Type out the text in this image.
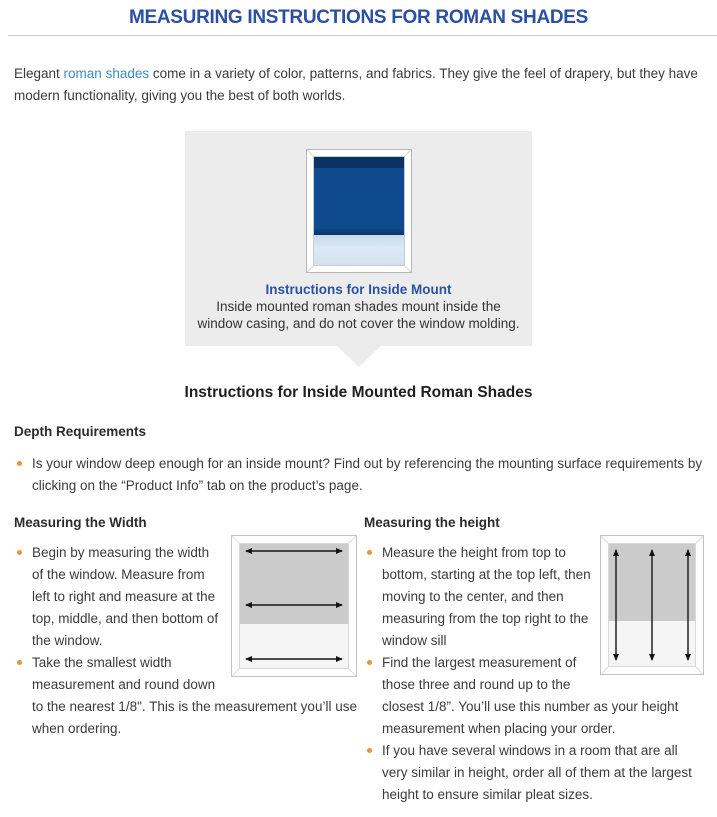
MEASURING INSTRUCTIONS FOR ROMAN SHADES

Elegant roman shades come in a variety of color, patterns, and fabrics. They give the feel of drapery, but they have modern functionality, giving you the best of both worlds.

Instructions for Inside Mount
Inside mounted roman shades mount inside the window casing, and do not cover the window molding.
Instructions for Inside Mounted Roman Shades
Depth Requirements
Is your window deep enough for an inside mount? Find out by referencing the mounting surface requirements by clicking on the “Product Info” tab on the product’s page.
Measuring the Width
Begin by measuring the width of the window. Measure from left to right and measure at the top, middle, and then bottom of the window.
Take the smallest width measurement and round down to the nearest 1/8". This is the measurement you’ll use when ordering.
Measuring the height
Measure the height from top to bottom, starting at the top left, then moving to the center, and then measuring from the top right to the window sill
Find the largest measurement of those three and round up to the closest 1/8”. You’ll use this number as your height measurement when placing your order.
If you have several windows in a room that are all very similar in height, order all of them at the largest height to ensure similar pleat sizes.
